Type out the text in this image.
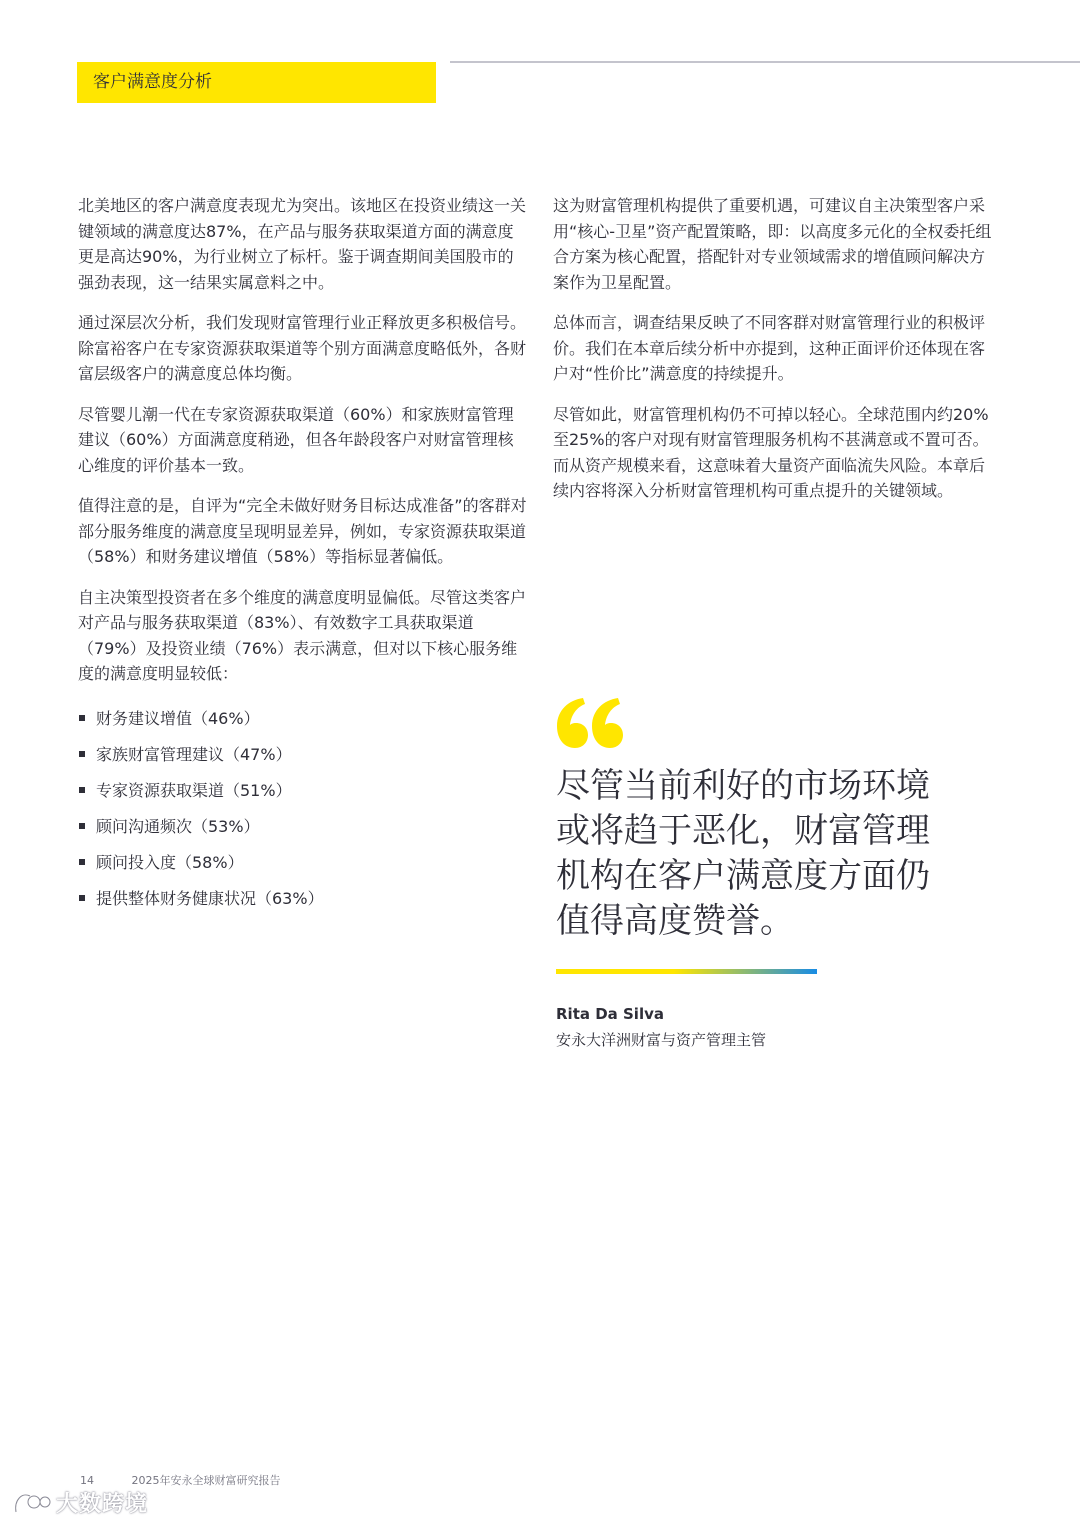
客户满意度分析

北美地区的客户满意度表现尤为突出。该地区在投资业绩这一关键领域的满意度达87%，在产品与服务获取渠道方面的满意度更是高达90%，为行业树立了标杆。鉴于调查期间美国股市的强劲表现，这一结果实属意料之中。

通过深层次分析，我们发现财富管理行业正释放更多积极信号。除富裕客户在专家资源获取渠道等个别方面满意度略低外，各财富层级客户的满意度总体均衡。

尽管婴儿潮一代在专家资源获取渠道（60%）和家族财富管理建议（60%）方面满意度稍逊，但各年龄段客户对财富管理核心维度的评价基本一致。

值得注意的是，自评为“完全未做好财务目标达成准备”的客群对部分服务维度的满意度呈现明显差异，例如，专家资源获取渠道（58%）和财务建议增值（58%）等指标显著偏低。

自主决策型投资者在多个维度的满意度明显偏低。尽管这类客户对产品与服务获取渠道（83%）、有效数字工具获取渠道（79%）及投资业绩（76%）表示满意，但对以下核心服务维度的满意度明显较低：

财务建议增值（46%）
家族财富管理建议（47%）
专家资源获取渠道（51%）
顾问沟通频次（53%）
顾问投入度（58%）
提供整体财务健康状况（63%）

这为财富管理机构提供了重要机遇，可建议自主决策型客户采用“核心-卫星”资产配置策略，即：以高度多元化的全权委托组合方案为核心配置，搭配针对专业领域需求的增值顾问解决方案作为卫星配置。

总体而言，调查结果反映了不同客群对财富管理行业的积极评价。我们在本章后续分析中亦提到，这种正面评价还体现在客户对“性价比”满意度的持续提升。

尽管如此，财富管理机构仍不可掉以轻心。全球范围内约20%至25%的客户对现有财富管理服务机构不甚满意或不置可否。而从资产规模来看，这意味着大量资产面临流失风险。本章后续内容将深入分析财富管理机构可重点提升的关键领域。

尽管当前利好的市场环境或将趋于恶化，财富管理机构在客户满意度方面仍值得高度赞誉。

Rita Da Silva
安永大洋洲财富与资产管理主管
14	2025年安永全球财富研究报告
大数跨境
